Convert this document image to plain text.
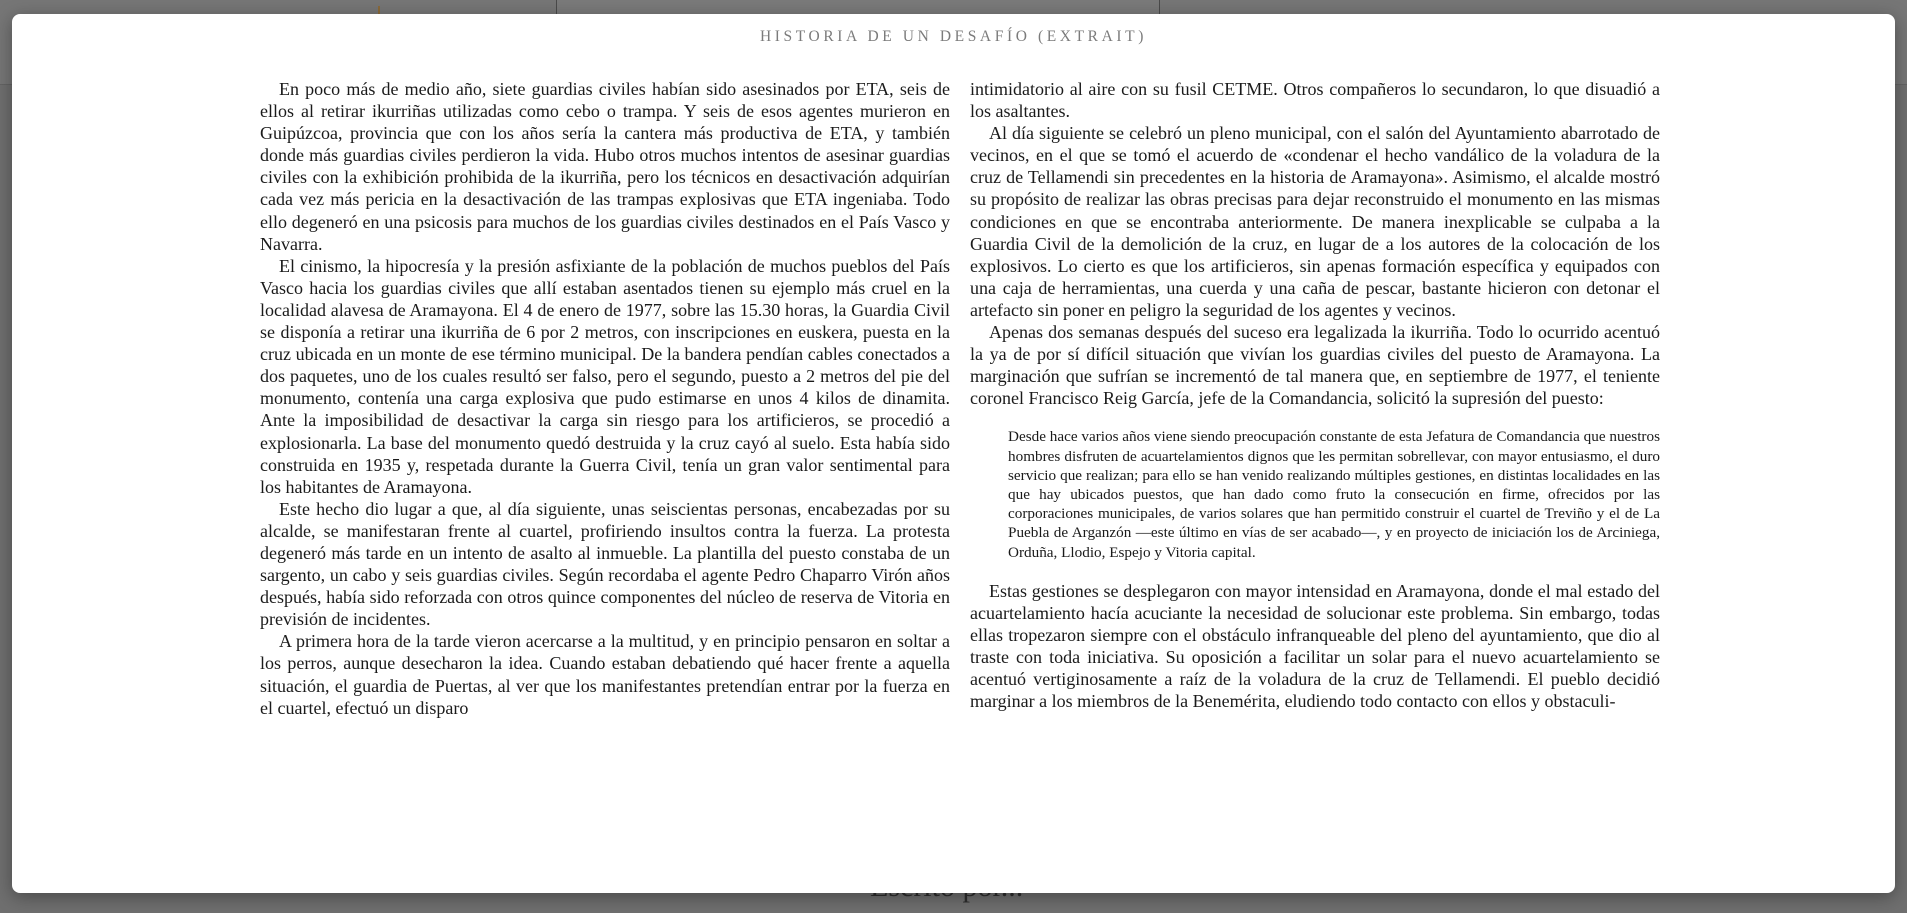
HISTORIA DE UN DESAFÍO (EXTRAIT)

En poco más de medio año, siete guardias civiles habían sido asesinados por ETA, seis de ellos al retirar ikurriñas utilizadas como cebo o trampa. Y seis de esos agentes murieron en Guipúzcoa, provincia que con los años sería la cantera más productiva de ETA, y también donde más guardias civiles perdieron la vida. Hubo otros muchos intentos de asesinar guardias civiles con la exhibición prohibida de la ikurriña, pero los técnicos en desactivación adquirían cada vez más pericia en la desactivación de las trampas explosivas que ETA ingeniaba. Todo ello degeneró en una psicosis para muchos de los guardias civiles destinados en el País Vasco y Navarra.

El cinismo, la hipocresía y la presión asfixiante de la población de muchos pueblos del País Vasco hacia los guardias civiles que allí estaban asentados tienen su ejemplo más cruel en la localidad alavesa de Aramayona. El 4 de enero de 1977, sobre las 15.30 horas, la Guardia Civil se disponía a retirar una ikurriña de 6 por 2 metros, con inscripciones en euskera, puesta en la cruz ubicada en un monte de ese término municipal. De la bandera pendían cables conectados a dos paquetes, uno de los cuales resultó ser falso, pero el segundo, puesto a 2 metros del pie del monumento, contenía una carga explosiva que pudo estimarse en unos 4 kilos de dinamita. Ante la imposibilidad de desactivar la carga sin riesgo para los artificieros, se procedió a explosionarla. La base del monumento quedó destruida y la cruz cayó al suelo. Esta había sido construida en 1935 y, respetada durante la Guerra Civil, tenía un gran valor sentimental para los habitantes de Aramayona.

Este hecho dio lugar a que, al día siguiente, unas seiscientas personas, encabezadas por su alcalde, se manifestaran frente al cuartel, profiriendo insultos contra la fuerza. La protesta degeneró más tarde en un intento de asalto al inmueble. La plantilla del puesto constaba de un sargento, un cabo y seis guardias civiles. Según recordaba el agente Pedro Chaparro Virón años después, había sido reforzada con otros quince componentes del núcleo de reserva de Vitoria en previsión de incidentes.

A primera hora de la tarde vieron acercarse a la multitud, y en principio pensaron en soltar a los perros, aunque desecharon la idea. Cuando estaban debatiendo qué hacer frente a aquella situación, el guardia de Puertas, al ver que los manifestantes pretendían entrar por la fuerza en el cuartel, efectuó un disparo

intimidatorio al aire con su fusil CETME. Otros compañeros lo secundaron, lo que disuadió a los asaltantes.

Al día siguiente se celebró un pleno municipal, con el salón del Ayuntamiento abarrotado de vecinos, en el que se tomó el acuerdo de «condenar el hecho vandálico de la voladura de la cruz de Tellamendi sin precedentes en la historia de Aramayona». Asimismo, el alcalde mostró su propósito de realizar las obras precisas para dejar reconstruido el monumento en las mismas condiciones en que se encontraba anteriormente. De manera inexplicable se culpaba a la Guardia Civil de la demolición de la cruz, en lugar de a los autores de la colocación de los explosivos. Lo cierto es que los artificieros, sin apenas formación específica y equipados con una caja de herramientas, una cuerda y una caña de pescar, bastante hicieron con detonar el artefacto sin poner en peligro la seguridad de los agentes y vecinos.

Apenas dos semanas después del suceso era legalizada la ikurriña. Todo lo ocurrido acentuó la ya de por sí difícil situación que vivían los guardias civiles del puesto de Aramayona. La marginación que sufrían se incrementó de tal manera que, en septiembre de 1977, el teniente coronel Francisco Reig García, jefe de la Comandancia, solicitó la supresión del puesto:

Desde hace varios años viene siendo preocupación constante de esta Jefatura de Comandancia que nuestros hombres disfruten de acuartelamientos dignos que les permitan sobrellevar, con mayor entusiasmo, el duro servicio que realizan; para ello se han venido realizando múltiples gestiones, en distintas localidades en las que hay ubicados puestos, que han dado como fruto la consecución en firme, ofrecidos por las corporaciones municipales, de varios solares que han permitido construir el cuartel de Treviño y el de La Puebla de Arganzón —este último en vías de ser acabado—, y en proyecto de iniciación los de Arciniega, Orduña, Llodio, Espejo y Vitoria capital.

Estas gestiones se desplegaron con mayor intensidad en Aramayona, donde el mal estado del acuartelamiento hacía acuciante la necesidad de solucionar este problema. Sin embargo, todas ellas tropezaron siempre con el obstáculo infranqueable del pleno del ayuntamiento, que dio al traste con toda iniciativa. Su oposición a facilitar un solar para el nuevo acuartelamiento se acentuó vertiginosamente a raíz de la voladura de la cruz de Tellamendi. El pueblo decidió marginar a los miembros de la Benemérita, eludiendo todo contacto con ellos y obstaculi-
